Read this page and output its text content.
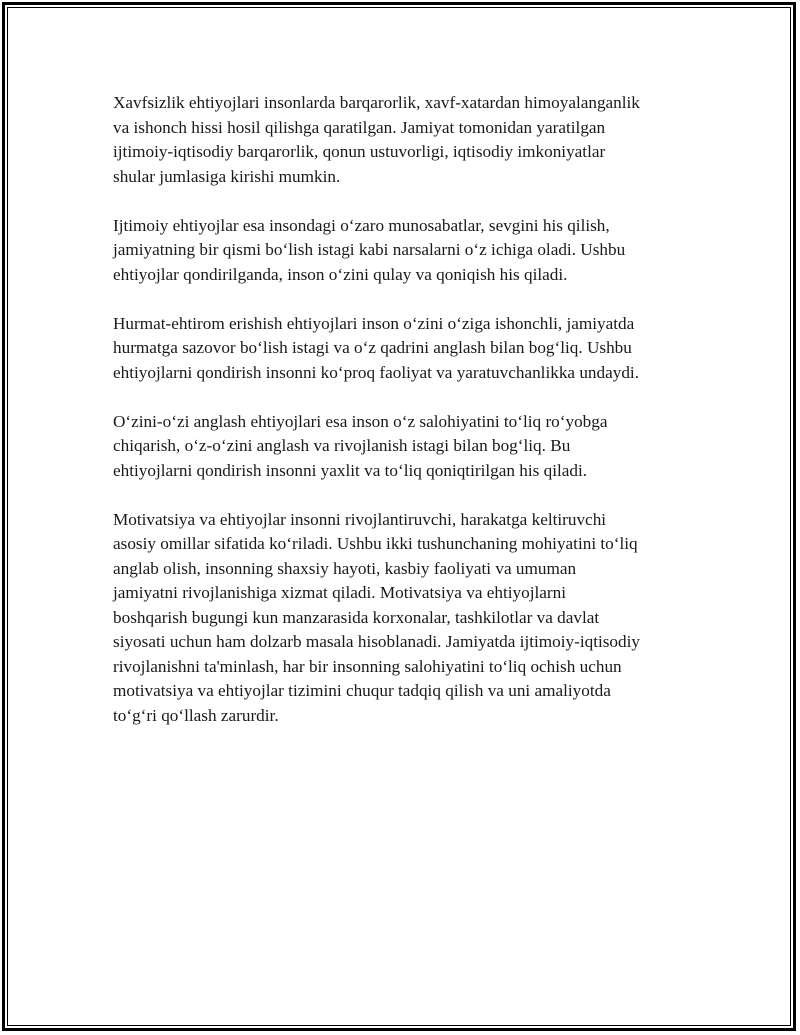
Xavfsizlik ehtiyojlari insonlarda barqarorlik, xavf-xatardan himoyalanganlik
va ishonch hissi hosil qilishga qaratilgan. Jamiyat tomonidan yaratilgan
ijtimoiy-iqtisodiy barqarorlik, qonun ustuvorligi, iqtisodiy imkoniyatlar
shular jumlasiga kirishi mumkin.

Ijtimoiy ehtiyojlar esa insondagi o‘zaro munosabatlar, sevgini his qilish,
jamiyatning bir qismi bo‘lish istagi kabi narsalarni o‘z ichiga oladi. Ushbu
ehtiyojlar qondirilganda, inson o‘zini qulay va qoniqish his qiladi.

Hurmat-ehtirom erishish ehtiyojlari inson o‘zini o‘ziga ishonchli, jamiyatda
hurmatga sazovor bo‘lish istagi va o‘z qadrini anglash bilan bog‘liq. Ushbu
ehtiyojlarni qondirish insonni ko‘proq faoliyat va yaratuvchanlikka undaydi.

O‘zini-o‘zi anglash ehtiyojlari esa inson o‘z salohiyatini to‘liq ro‘yobga
chiqarish, o‘z-o‘zini anglash va rivojlanish istagi bilan bog‘liq. Bu
ehtiyojlarni qondirish insonni yaxlit va to‘liq qoniqtirilgan his qiladi.

Motivatsiya va ehtiyojlar insonni rivojlantiruvchi, harakatga keltiruvchi
asosiy omillar sifatida ko‘riladi. Ushbu ikki tushunchaning mohiyatini to‘liq
anglab olish, insonning shaxsiy hayoti, kasbiy faoliyati va umuman
jamiyatni rivojlanishiga xizmat qiladi. Motivatsiya va ehtiyojlarni
boshqarish bugungi kun manzarasida korxonalar, tashkilotlar va davlat
siyosati uchun ham dolzarb masala hisoblanadi. Jamiyatda ijtimoiy-iqtisodiy
rivojlanishni ta'minlash, har bir insonning salohiyatini to‘liq ochish uchun
motivatsiya va ehtiyojlar tizimini chuqur tadqiq qilish va uni amaliyotda
to‘g‘ri qo‘llash zarurdir.
